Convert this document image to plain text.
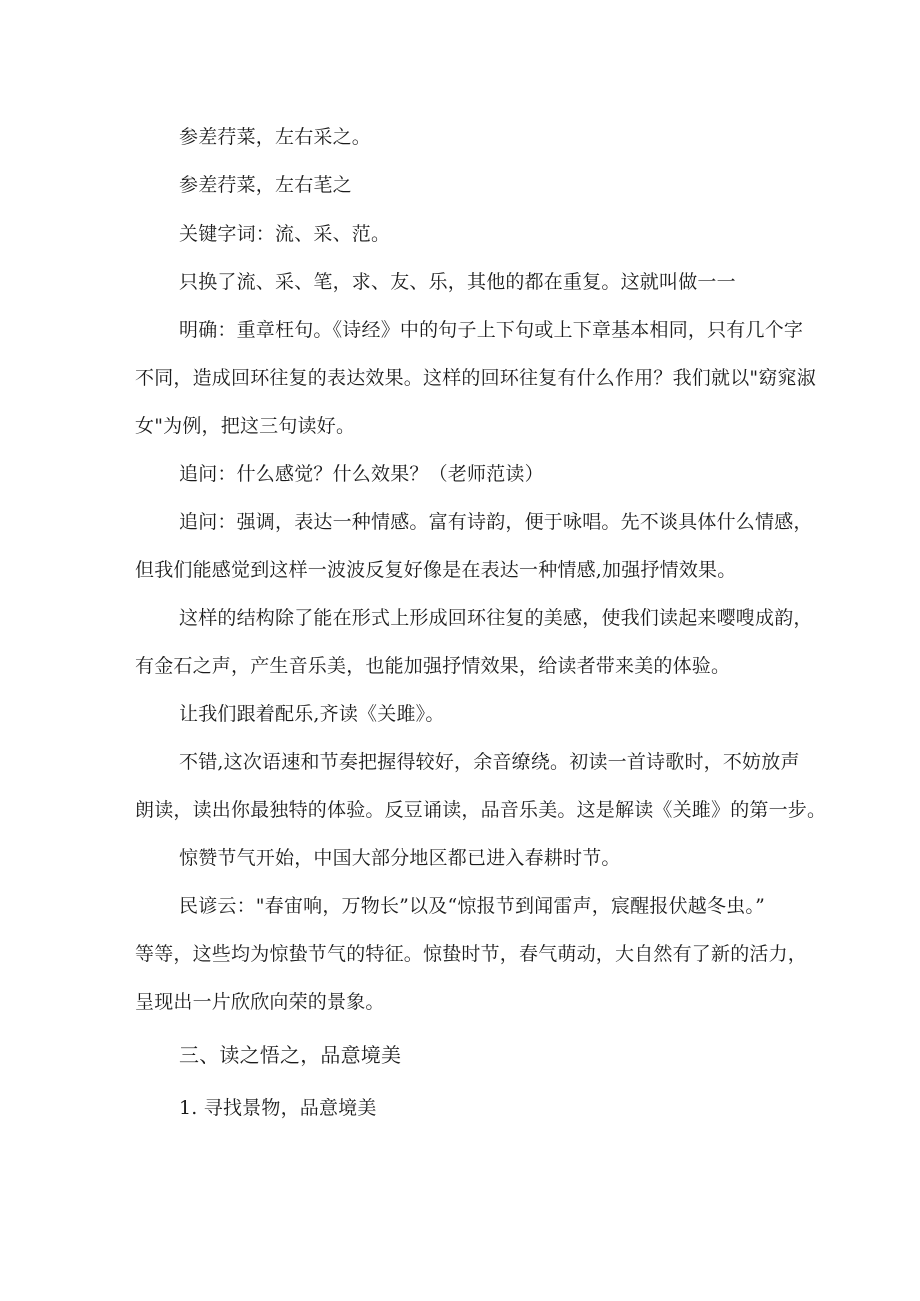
参差荇菜，左右采之。
参差荇菜，左右芼之
关键字词：流、采、范。
只换了流、采、笔，求、友、乐，其他的都在重复。这就叫做一一
明确：重章枉句。《诗经》中的句子上下句或上下章基本相同，只有几个字
不同，造成回环往复的表达效果。这样的回环往复有什么作用？我们就以"窈窕淑
女"为例，把这三句读好。
追问：什么感觉？什么效果？（老师范读）
追问：强调，表达一种情感。富有诗韵，便于咏唱。先不谈具体什么情感，
但我们能感觉到这样一波波反复好像是在表达一种情感,加强抒情效果。
这样的结构除了能在形式上形成回环往复的美感，使我们读起来嘤嗖成韵，
有金石之声，产生音乐美，也能加强抒情效果，给读者带来美的体验。
让我们跟着配乐,齐读《关雎》。
不错,这次语速和节奏把握得较好，余音缭绕。初读一首诗歌时，不妨放声
朗读，读出你最独特的体验。反豆诵读，品音乐美。这是解读《关雎》的第一步。
惊赞节气开始，中国大部分地区都已进入春耕时节。
民谚云："春宙响，万物长”以及“惊报节到闻雷声，宸醒报伏越冬虫。”
等等，这些均为惊蛰节气的特征。惊蛰时节，春气萌动，大自然有了新的活力，
呈现出一片欣欣向荣的景象。
三、读之悟之，品意境美
1. 寻找景物，品意境美
